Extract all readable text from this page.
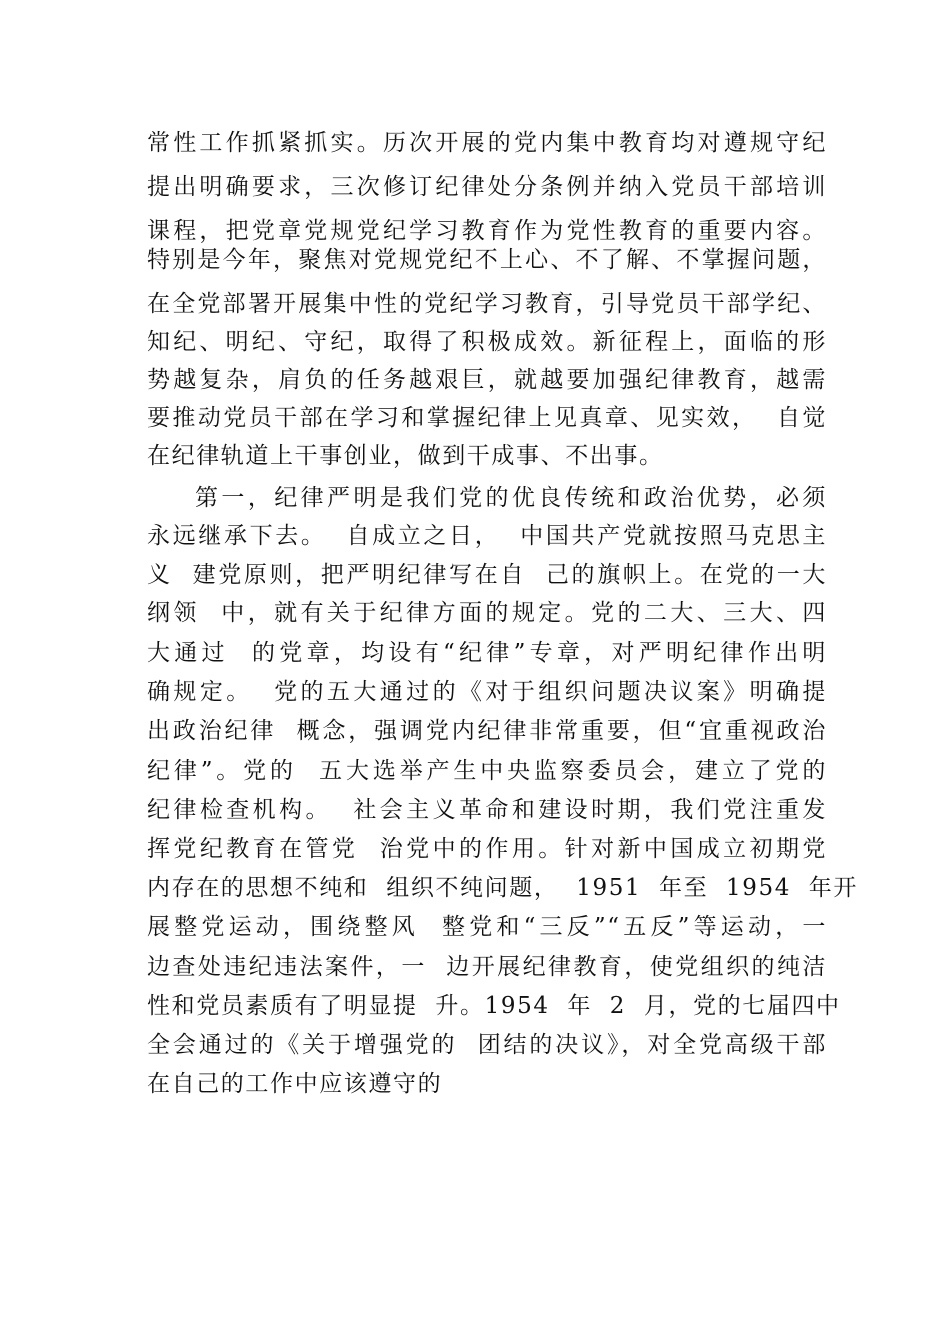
常性工作抓紧抓实。历次开展的党内集中教育均对遵规守纪
提出明确要求，三次修订纪律处分条例并纳入党员干部培训
课程，把党章党规党纪学习教育作为党性教育的重要内容。
特别是今年，聚焦对党规党纪不上心、不了解、不掌握问题，
在全党部署开展集中性的党纪学习教育，引导党员干部学纪、
知纪、明纪、守纪，取得了积极成效。新征程上，面临的形
势越复杂，肩负的任务越艰巨，就越要加强纪律教育，越需
要推动党员干部在学习和掌握纪律上见真章、见实效，  自觉
在纪律轨道上干事创业，做到干成事、不出事。
第一，纪律严明是我们党的优良传统和政治优势，必须
永远继承下去。  自成立之日，  中国共产党就按照马克思主
义  建党原则，把严明纪律写在自  己的旗帜上。在党的一大
纲领  中，就有关于纪律方面的规定。党的二大、三大、四
大通过  的党章，均设有“纪律”专章，对严明纪律作出明
确规定。  党的五大通过的《对于组织问题决议案》明确提
出政治纪律  概念，强调党内纪律非常重要，但“宜重视政治
纪律”。党的  五大选举产生中央监察委员会，建立了党的
纪律检查机构。  社会主义革命和建设时期，我们党注重发
挥党纪教育在管党  治党中的作用。针对新中国成立初期党
内存在的思想不纯和  组织不纯问题，  1951  年至  1954  年开
展整党运动，围绕整风  整党和“三反”“五反”等运动，一
边查处违纪违法案件，一  边开展纪律教育，使党组织的纯洁
性和党员素质有了明显提  升。1954  年  2  月，党的七届四中
全会通过的《关于增强党的  团结的决议》，对全党高级干部
在自己的工作中应该遵守的
